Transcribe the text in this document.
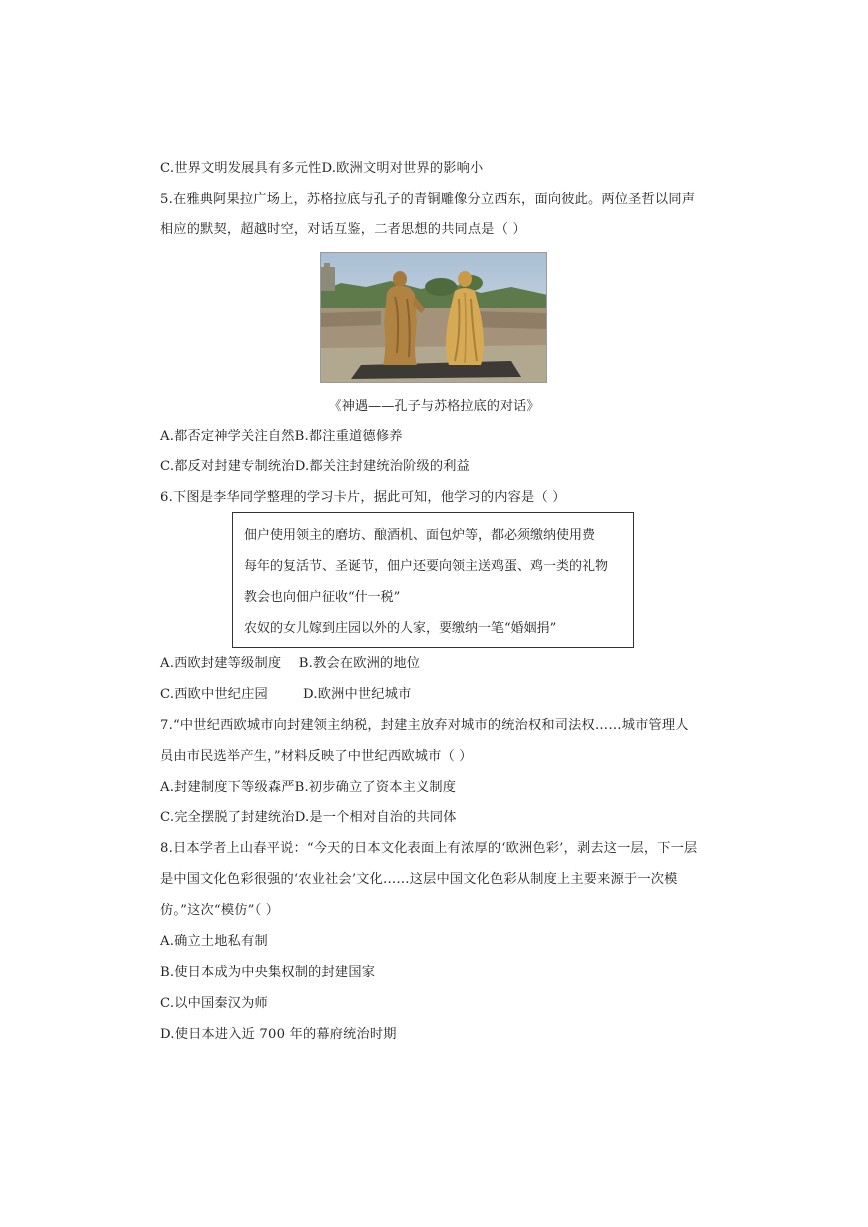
C.世界文明发展具有多元性D.欧洲文明对世界的影响小
5.在雅典阿果拉广场上，苏格拉底与孔子的青铜雕像分立西东，面向彼此。两位圣哲以同声
相应的默契，超越时空，对话互鉴，二者思想的共同点是（ ）
《神遇——孔子与苏格拉底的对话》
A.都否定神学关注自然B.都注重道德修养
C.都反对封建专制统治D.都关注封建统治阶级的利益
6.下图是李华同学整理的学习卡片，据此可知，他学习的内容是（ ）
佃户使用领主的磨坊、酿酒机、面包炉等，都必须缴纳使用费
每年的复活节、圣诞节，佃户还要向领主送鸡蛋、鸡一类的礼物
教会也向佃户征收“什一税”
农奴的女儿嫁到庄园以外的人家，要缴纳一笔“婚姻捐”
A.西欧封建等级制度    B.教会在欧洲的地位
C.西欧中世纪庄园        D.欧洲中世纪城市
7.“中世纪西欧城市向封建领主纳税，封建主放弃对城市的统治权和司法权……城市管理人
员由市民选举产生，”材料反映了中世纪西欧城市（ ）
A.封建制度下等级森严B.初步确立了资本主义制度
C.完全摆脱了封建统治D.是一个相对自治的共同体
8.日本学者上山春平说：“今天的日本文化表面上有浓厚的‘欧洲色彩’，剥去这一层，下一层
是中国文化色彩很强的‘农业社会’文化……这层中国文化色彩从制度上主要来源于一次模
仿。”这次“模仿”（ ）
A.确立土地私有制
B.使日本成为中央集权制的封建国家
C.以中国秦汉为师
D.使日本进入近 700 年的幕府统治时期
